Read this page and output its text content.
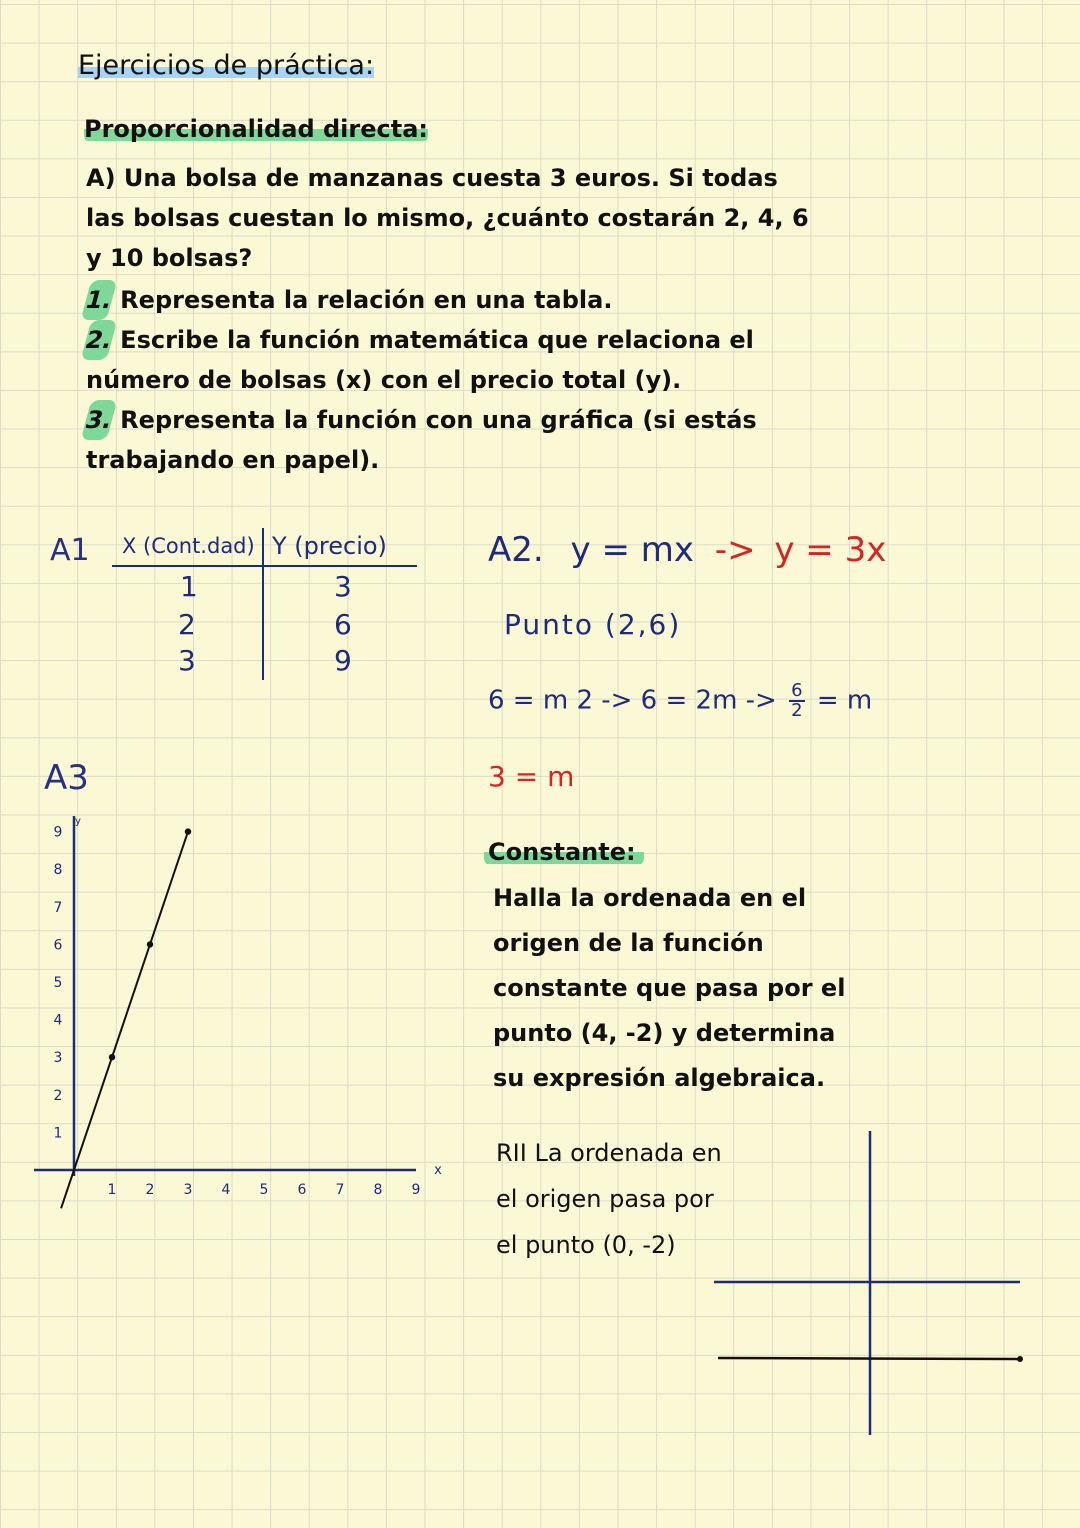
Ejercicios de práctica:
Proporcionalidad directa:
A) Una bolsa de manzanas cuesta 3 euros. Si todas
las bolsas cuestan lo mismo, ¿cuánto costarán 2, 4, 6
y 10 bolsas?
1. Representa la relación en una tabla.
2. Escribe la función matemática que relaciona el
número de bolsas (x) con el precio total (y).
3. Representa la función con una gráfica (si estás
trabajando en papel).
A1 X (Cont.dad) Y (precio)
1	3
2	6
3	9
A2. y = mx -> y = 3x
Punto (2,6)
6 = m $2 -> 6 = 2m -> \frac{6}{2} = m$
3 = m
A3
x
y
1 2 3 4 5 6 7 8 9
1
2
3
4
5
6
7
8
9
Constante:
Halla la ordenada en el
origen de la función
constante que pasa por el
punto (4, -2) y determina
su expresión algebraica.
RII La ordenada en
el origen pasa por
el punto (0, -2)
